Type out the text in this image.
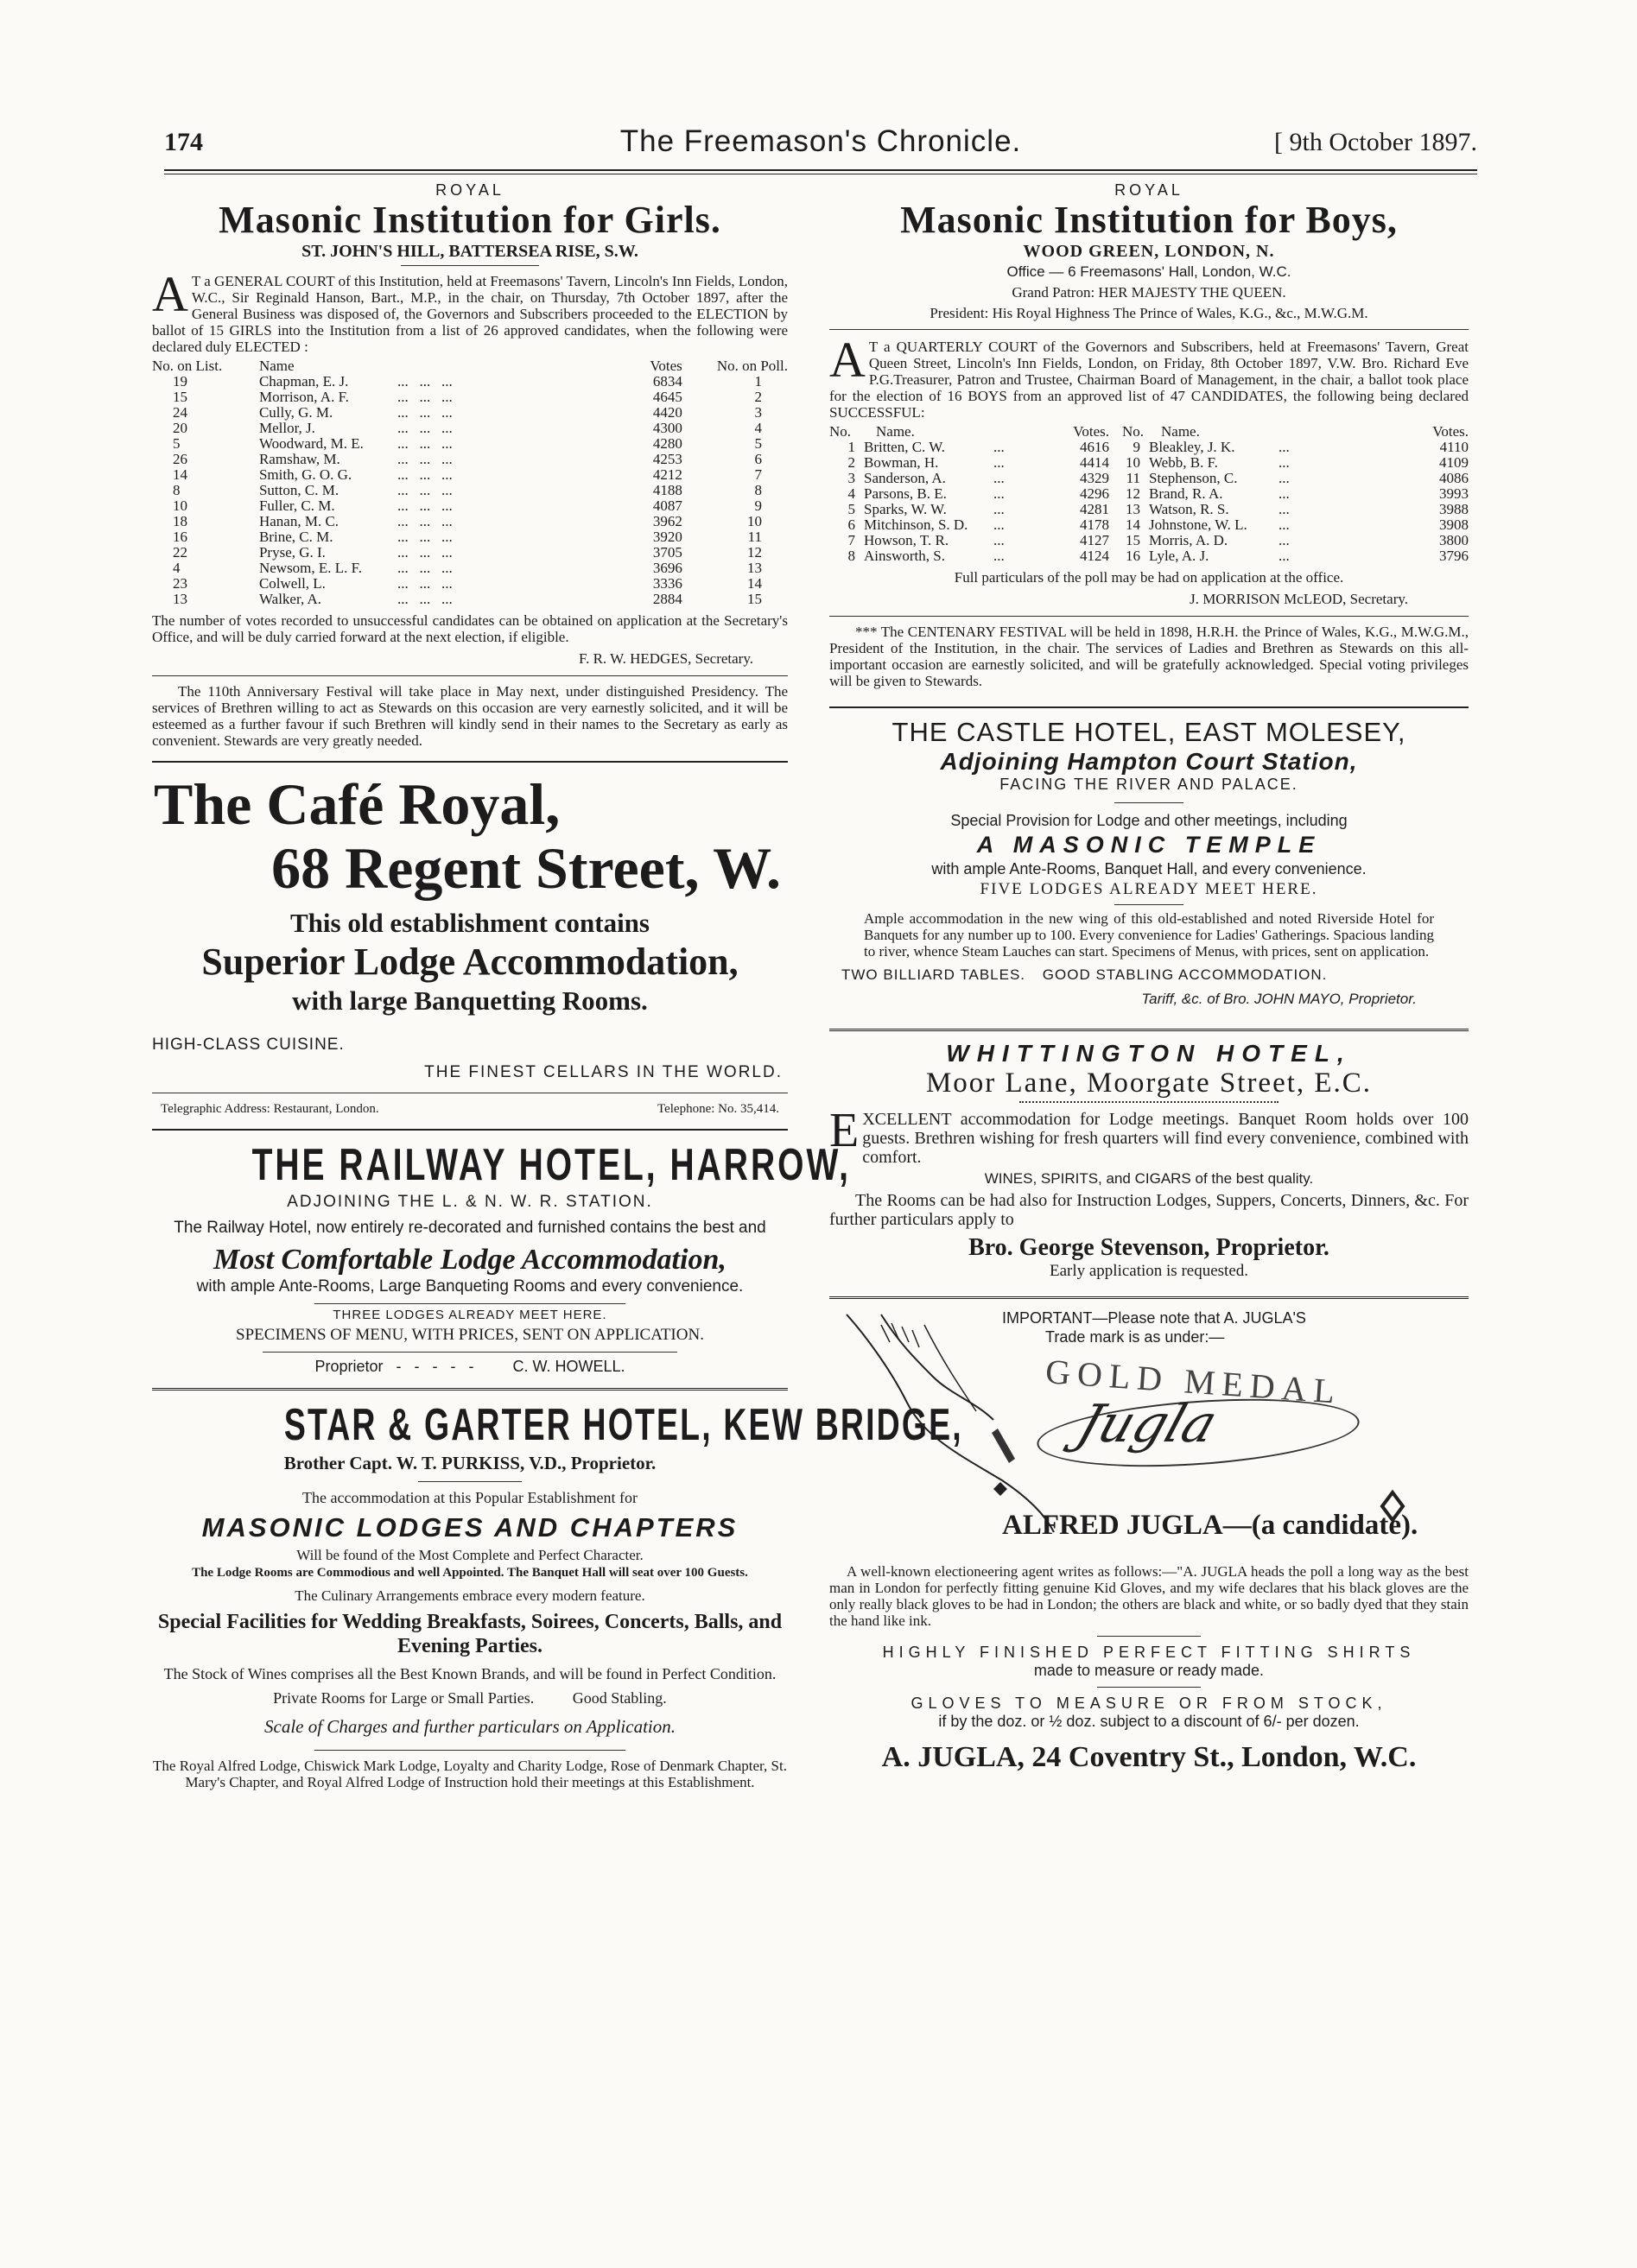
174	The Freemason's Chronicle.	[ 9th October 1897.
ROYAL
Masonic Institution for Girls.
ST. JOHN'S HILL, BATTERSEA RISE, S.W.
A T a GENERAL COURT of this Institution, held at Freemasons' Tavern, Lincoln's Inn Fields, London, W.C., Sir Reginald Hanson, Bart., M.P., in the chair, on Thursday, 7th October 1897, after the General Business was disposed of, the Governors and Subscribers proceeded to the ELECTION by ballot of 15 GIRLS into the Institution from a list of 26 approved candidates, when the following were declared duly ELECTED :
No. on List.	Name	Votes	No. on Poll.
19	Chapman, E. J. ...   ...   ...	6834	1
15	Morrison, A. F. ...   ...   ...	4645	2
24	Cully, G. M. ...   ...   ...	4420	3
20	Mellor, J. ...   ...   ...	4300	4
5	Woodward, M. E. ...   ...   ...	4280	5
26	Ramshaw, M. ...   ...   ...	4253	6
14	Smith, G. O. G. ...   ...   ...	4212	7
8	Sutton, C. M. ...   ...   ...	4188	8
10	Fuller, C. M. ...   ...   ...	4087	9
18	Hanan, M. C. ...   ...   ...	3962	10
16	Brine, C. M. ...   ...   ...	3920	11
22	Pryse, G. I. ...   ...   ...	3705	12
4	Newsom, E. L. F. ...   ...   ...	3696	13
23	Colwell, L. ...   ...   ...	3336	14
13	Walker, A. ...   ...   ...	2884	15
The number of votes recorded to unsuccessful candidates can be obtained on application at the Secretary's Office, and will be duly carried forward at the next election, if eligible.
F. R. W. HEDGES, Secretary.
The 110th Anniversary Festival will take place in May next, under distinguished Presidency. The services of Brethren willing to act as Stewards on this occasion are very earnestly solicited, and it will be esteemed as a further favour if such Brethren will kindly send in their names to the Secretary as early as convenient. Stewards are very greatly needed.
The Café Royal,
68 Regent Street, W.
This old establishment contains
Superior Lodge Accommodation,
with large Banquetting Rooms.
HIGH-CLASS CUISINE.
THE FINEST CELLARS IN THE WORLD.
Telegraphic Address: Restaurant, London.	Telephone: No. 35,414.
THE RAILWAY HOTEL, HARROW,
ADJOINING THE L. & N. W. R. STATION.
The Railway Hotel, now entirely re-decorated and furnished contains the best and
Most Comfortable Lodge Accommodation,
with ample Ante-Rooms, Large Banqueting Rooms and every convenience.
THREE LODGES ALREADY MEET HERE.
SPECIMENS OF MENU, WITH PRICES, SENT ON APPLICATION.
Proprietor   -   -   -   -   -	C. W. HOWELL.
STAR & GARTER HOTEL, KEW BRIDGE,
Brother Capt. W. T. PURKISS, V.D., Proprietor.
The accommodation at this Popular Establishment for
MASONIC LODGES AND CHAPTERS
Will be found of the Most Complete and Perfect Character.
The Lodge Rooms are Commodious and well Appointed. The Banquet Hall will seat over 100 Guests.
The Culinary Arrangements embrace every modern feature.
Special Facilities for Wedding Breakfasts, Soirees, Concerts, Balls, and Evening Parties.
The Stock of Wines comprises all the Best Known Brands, and will be found in Perfect Condition.
Private Rooms for Large or Small Parties. Good Stabling.
Scale of Charges and further particulars on Application.
The Royal Alfred Lodge, Chiswick Mark Lodge, Loyalty and Charity Lodge, Rose of Denmark Chapter, St. Mary's Chapter, and Royal Alfred Lodge of Instruction hold their meetings at this Establishment.
ROYAL
Masonic Institution for Boys,
WOOD GREEN, LONDON, N.
Office — 6 Freemasons' Hall, London, W.C.
Grand Patron: HER MAJESTY THE QUEEN.
President: His Royal Highness The Prince of Wales, K.G., &c., M.W.G.M.
A T a QUARTERLY COURT of the Governors and Subscribers, held at Freemasons' Tavern, Great Queen Street, Lincoln's Inn Fields, London, on Friday, 8th October 1897, V.W. Bro. Richard Eve P.G.Treasurer, Patron and Trustee, Chairman Board of Management, in the chair, a ballot took place for the election of 16 BOYS from an approved list of 47 CANDIDATES, the following being declared SUCCESSFUL:
No.	Name.	Votes.	No.	Name.	Votes.
1	Britten, C. W. ...	4616	9	Bleakley, J. K. ...	4110
2	Bowman, H. ...	4414	10	Webb, B. F. ...	4109
3	Sanderson, A. ...	4329	11	Stephenson, C. ...	4086
4	Parsons, B. E. ...	4296	12	Brand, R. A. ...	3993
5	Sparks, W. W. ...	4281	13	Watson, R. S. ...	3988
6	Mitchinson, S. D. ...	4178	14	Johnstone, W. L. ...	3908
7	Howson, T. R. ...	4127	15	Morris, A. D. ...	3800
8	Ainsworth, S. ...	4124	16	Lyle, A. J. ...	3796
Full particulars of the poll may be had on application at the office.
J. MORRISON McLEOD, Secretary.
*** The CENTENARY FESTIVAL will be held in 1898, H.R.H. the Prince of Wales, K.G., M.W.G.M., President of the Institution, in the chair. The services of Ladies and Brethren as Stewards on this all-important occasion are earnestly solicited, and will be gratefully acknowledged. Special voting privileges will be given to Stewards.
THE CASTLE HOTEL, EAST MOLESEY,
Adjoining Hampton Court Station,
FACING THE RIVER AND PALACE.
Special Provision for Lodge and other meetings, including
A MASONIC TEMPLE
with ample Ante-Rooms, Banquet Hall, and every convenience.
FIVE LODGES ALREADY MEET HERE.
Ample accommodation in the new wing of this old-established and noted Riverside Hotel for Banquets for any number up to 100. Every convenience for Ladies' Gatherings. Spacious landing to river, whence Steam Lauches can start. Specimens of Menus, with prices, sent on application.
TWO BILLIARD TABLES. GOOD STABLING ACCOMMODATION.
Tariff, &c. of Bro. JOHN MAYO, Proprietor.
WHITTINGTON HOTEL,
Moor Lane, Moorgate Street, E.C.
EXCELLENT accommodation for Lodge meetings. Banquet Room holds over 100 guests. Brethren wishing for fresh quarters will find every convenience, combined with comfort.
WINES, SPIRITS, and CIGARS of the best quality.
The Rooms can be had also for Instruction Lodges, Suppers, Concerts, Dinners, &c. For further particulars apply to
Bro. George Stevenson, Proprietor.
Early application is requested.
IMPORTANT—Please note that A. JUGLA'S
Trade mark is as under:—
GOLD MEDAL
Jugla
ALFRED JUGLA—(a candidate).
A well-known electioneering agent writes as follows:—"A. JUGLA heads the poll a long way as the best man in London for perfectly fitting genuine Kid Gloves, and my wife declares that his black gloves are the only really black gloves to be had in London; the others are black and white, or so badly dyed that they stain the hand like ink.
HIGHLY FINISHED PERFECT FITTING SHIRTS
made to measure or ready made.
GLOVES TO MEASURE OR FROM STOCK,
if by the doz. or ½ doz. subject to a discount of 6/- per dozen.
A. JUGLA, 24 Coventry St., London, W.C.
